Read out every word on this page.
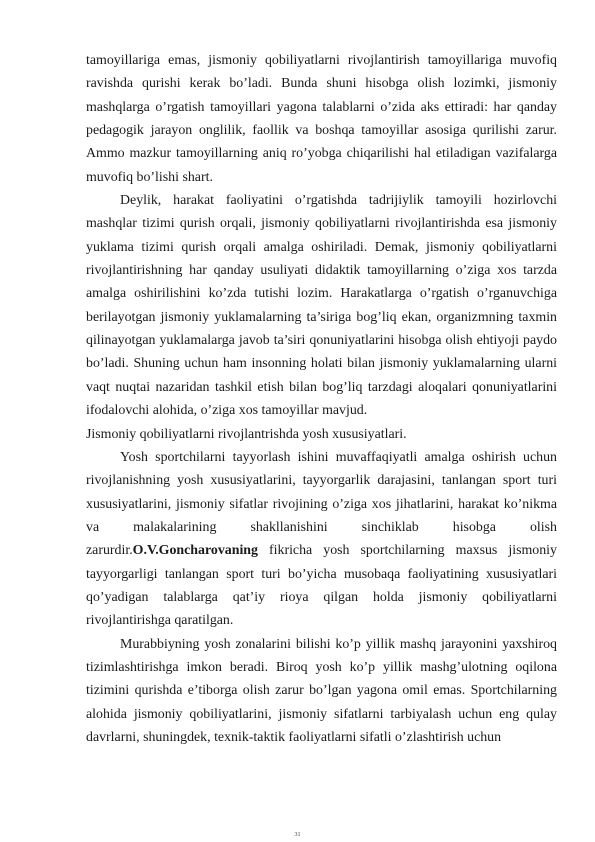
tamoyillariga emas, jismoniy qobiliyatlarni rivojlantirish tamoyillariga muvofiq ravishda qurishi kerak bo’ladi. Bunda shuni hisobga olish lozimki, jismoniy mashqlarga o’rgatish tamoyillari yagona talablarni o’zida aks ettiradi: har qanday pedagogik jarayon onglilik, faollik va boshqa tamoyillar asosiga qurilishi zarur. Ammo mazkur tamoyillarning aniq ro’yobga chiqarilishi hal etiladigan vazifalarga muvofiq bo’lishi shart.

Deylik, harakat faoliyatini o’rgatishda tadrijiylik tamoyili hozirlovchi mashqlar tizimi qurish orqali, jismoniy qobiliyatlarni rivojlantirishda esa jismoniy yuklama tizimi qurish orqali amalga oshiriladi. Demak, jismoniy qobiliyatlarni rivojlantirishning har qanday usuliyati didaktik tamoyillarning o’ziga xos tarzda amalga oshirilishini ko’zda tutishi lozim. Harakatlarga o’rgatish o’rganuvchiga berilayotgan jismoniy yuklamalarning ta’siriga bog’liq ekan, organizmning taxmin qilinayotgan yuklamalarga javob ta’siri qonuniyatlarini hisobga olish ehtiyoji paydo bo’ladi. Shuning uchun ham insonning holati bilan jismoniy yuklamalarning ularni vaqt nuqtai nazaridan tashkil etish bilan bog’liq tarzdagi aloqalari qonuniyatlarini ifodalovchi alohida, o’ziga xos tamoyillar mavjud.

Jismoniy qobiliyatlarni rivojlantrishda yosh xususiyatlari.

Yosh sportchilarni tayyorlash ishini muvaffaqiyatli amalga oshirish uchun rivojlanishning yosh xususiyatlarini, tayyorgarlik darajasini, tanlangan sport turi xususiyatlarini, jismoniy sifatlar rivojining o’ziga xos jihatlarini, harakat ko’nikma va malakalarining shakllanishini sinchiklab hisobga olish zarurdir.O.V.Goncharovaning fikricha yosh sportchilarning maxsus jismoniy tayyorgarligi tanlangan sport turi bo’yicha musobaqa faoliyatining xususiyatlari qo’yadigan talablarga qat’iy rioya qilgan holda jismoniy qobiliyatlarni rivojlantirishga qaratilgan.

Murabbiyning yosh zonalarini bilishi ko’p yillik mashq jarayonini yaxshiroq tizimlashtirishga imkon beradi. Biroq yosh ko’p yillik mashg’ulotning oqilona tizimini qurishda e’tiborga olish zarur bo’lgan yagona omil emas. Sportchilarning alohida jismoniy qobiliyatlarini, jismoniy sifatlarni tarbiyalash uchun eng qulay davrlarni, shuningdek, texnik-taktik faoliyatlarni sifatli o’zlashtirish uchun

31
